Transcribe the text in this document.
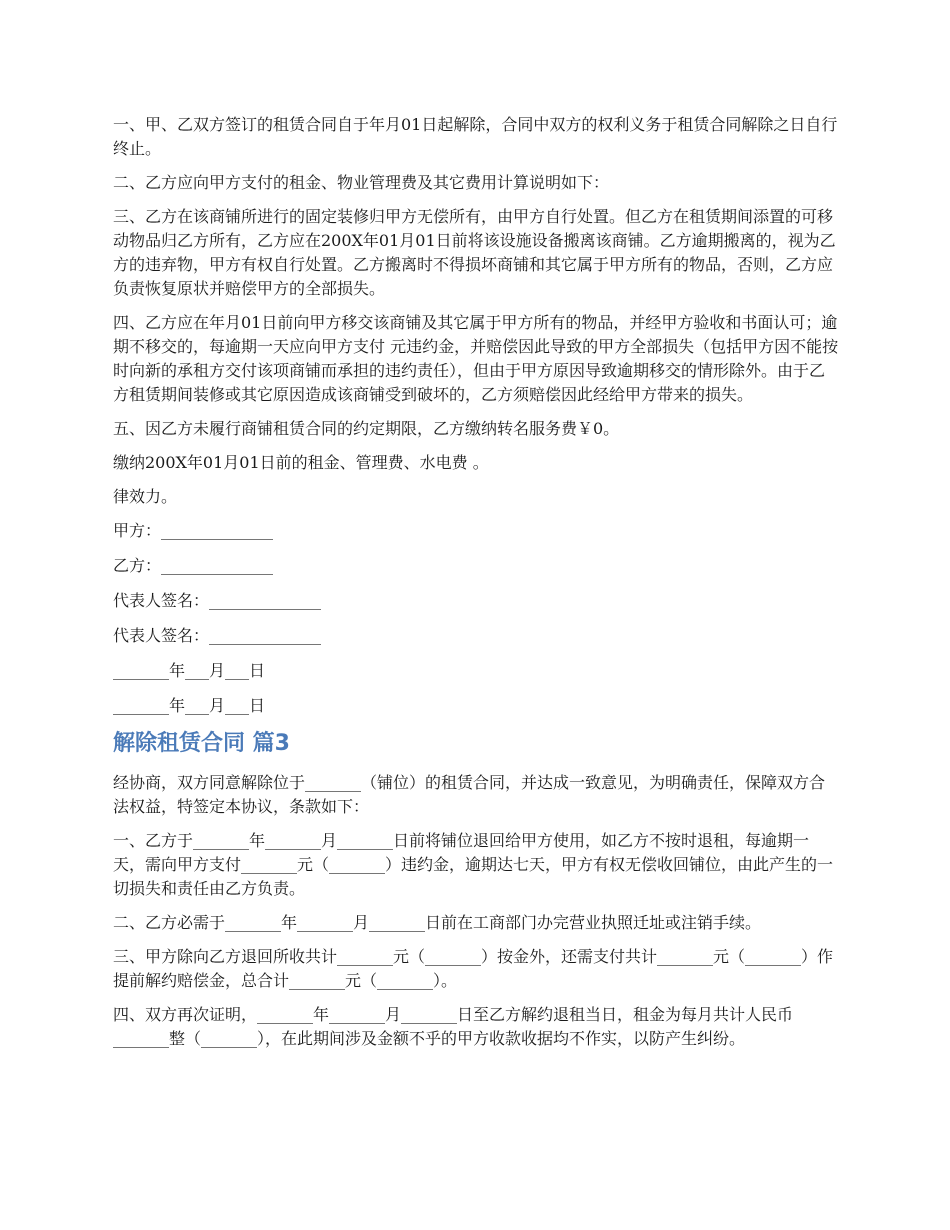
一、甲、乙双方签订的租赁合同自于年月01日起解除，合同中双方的权利义务于租赁合同解除之日自行终止。

二、乙方应向甲方支付的租金、物业管理费及其它费用计算说明如下：

三、乙方在该商铺所进行的固定装修归甲方无偿所有，由甲方自行处置。但乙方在租赁期间添置的可移动物品归乙方所有，乙方应在200X年01月01日前将该设施设备搬离该商铺。乙方逾期搬离的，视为乙方的违弃物，甲方有权自行处置。乙方搬离时不得损坏商铺和其它属于甲方所有的物品，否则，乙方应负责恢复原状并赔偿甲方的全部损失。

四、乙方应在年月01日前向甲方移交该商铺及其它属于甲方所有的物品，并经甲方验收和书面认可；逾期不移交的，每逾期一天应向甲方支付 元违约金，并赔偿因此导致的甲方全部损失（包括甲方因不能按时向新的承租方交付该项商铺而承担的违约责任），但由于甲方原因导致逾期移交的情形除外。由于乙方租赁期间装修或其它原因造成该商铺受到破坏的，乙方须赔偿因此经给甲方带来的损失。

五、因乙方未履行商铺租赁合同的约定期限，乙方缴纳转名服务费￥0。

缴纳200X年01月01日前的租金、管理费、水电费 。

律效力。

甲方：______________

乙方：______________

代表人签名：______________

代表人签名：______________

_______年___月___日

_______年___月___日

解除租赁合同 篇3

经协商，双方同意解除位于_______（铺位）的租赁合同，并达成一致意见，为明确责任，保障双方合法权益，特签定本协议，条款如下：

一、乙方于_______年_______月_______日前将铺位退回给甲方使用，如乙方不按时退租，每逾期一天，需向甲方支付_______元（_______）违约金，逾期达七天，甲方有权无偿收回铺位，由此产生的一切损失和责任由乙方负责。

二、乙方必需于_______年_______月_______日前在工商部门办完营业执照迁址或注销手续。

三、甲方除向乙方退回所收共计_______元（_______）按金外，还需支付共计_______元（_______）作提前解约赔偿金，总合计_______元（_______）。

四、双方再次证明，_______年_______月_______日至乙方解约退租当日，租金为每月共计人民币_______整（_______），在此期间涉及金额不乎的甲方收款收据均不作实，以防产生纠纷。
